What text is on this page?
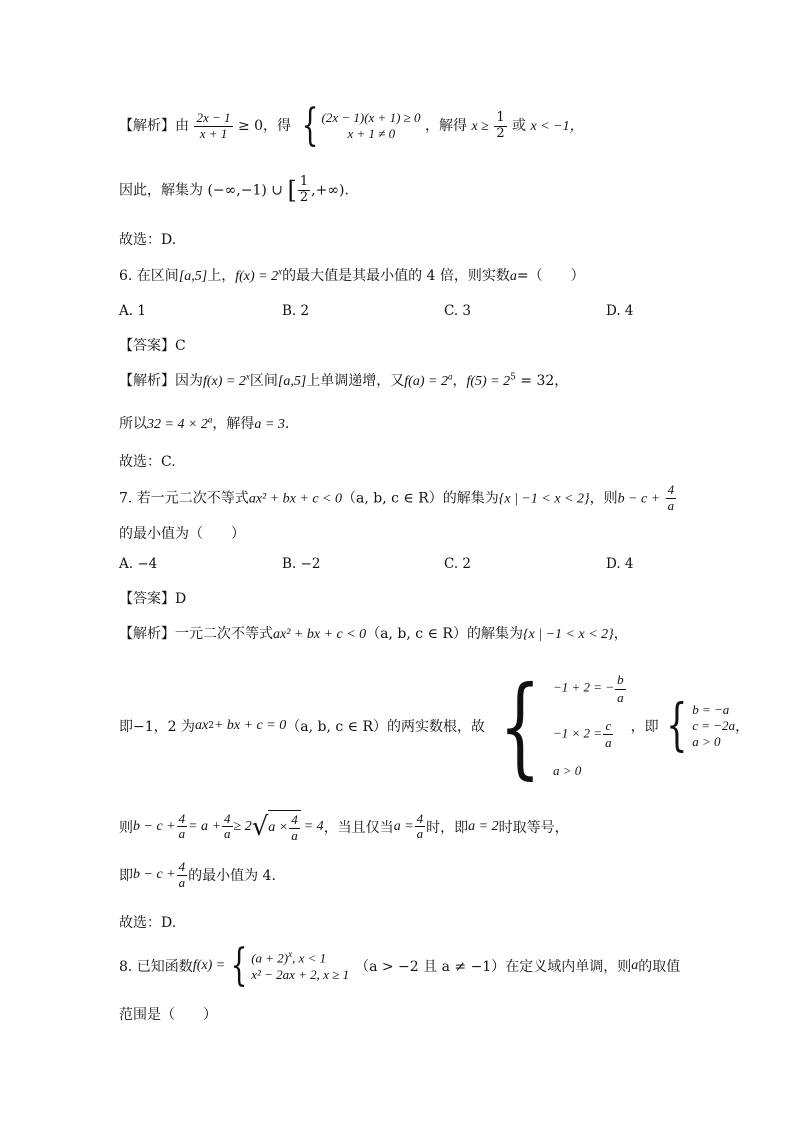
【解析】由 $\frac{2x - 1}{x + 1} \ge 0$，得 { (2x − 1)(x + 1) ≥ 0
x + 1 ≠ 0	，解得 $x \ge \frac{1}{2}$ 或 x < −1，
因此，解集为 (−∞,−1) ∪ [ $\frac{1}{2}$ ,+∞).
故选：D.
6. 在区间[a,5]上，$f(x) = 2^x$的最大值是其最小值的 4 倍，则实数a=（　　）
A. 1	B. 2	C. 3	D. 4
【答案】C
【解析】因为$f(x) = 2^x$区间[a,5]上单调递增，又$f(a) = 2^a$，$f(5) = 2^5 = 32$，
所以$32 = 4 \times 2^a$，解得a = 3.
故选：C.
7. 若一元二次不等式ax² + bx + c < 0（a, b, c ∈ R）的解集为{x | −1 < x < 2}，则$b - c + \frac{4}{a}$
的最小值为（　　）
A. −4	B. −2	C. 2	D. 4
【答案】D
【解析】一元二次不等式ax² + bx + c < 0（a, b, c ∈ R）的解集为{x | −1 < x < 2}，
即−1，2 为 ax 2 + bx + c = 0 （a, b, c ∈ R）的两实数根，故 { −1 + 2 = − $\frac{b}{a}$
$-1 \times 2 = \frac{c}{a}$
a > 0
，即 { b = −a
c = −2a
a > 0
，
则 $b - c + \frac{4}{a} = a + \frac{4}{a} \ge 2$ √ $a \times \frac{4}{a} = 4$ ，当且仅当 $a = \frac{4}{a}$ 时，即 a = 2 时取等号，
即 $b - c + \frac{4}{a}$ 的最小值为 4.
故选：D.
8. 已知函数 f(x) = { $(a + 2)^x$, x < 1
x² − 2ax + 2, x ≥ 1 （a > −2 且 a ≠ −1）在定义域内单调，则 a 的取值
范围是（　　）
